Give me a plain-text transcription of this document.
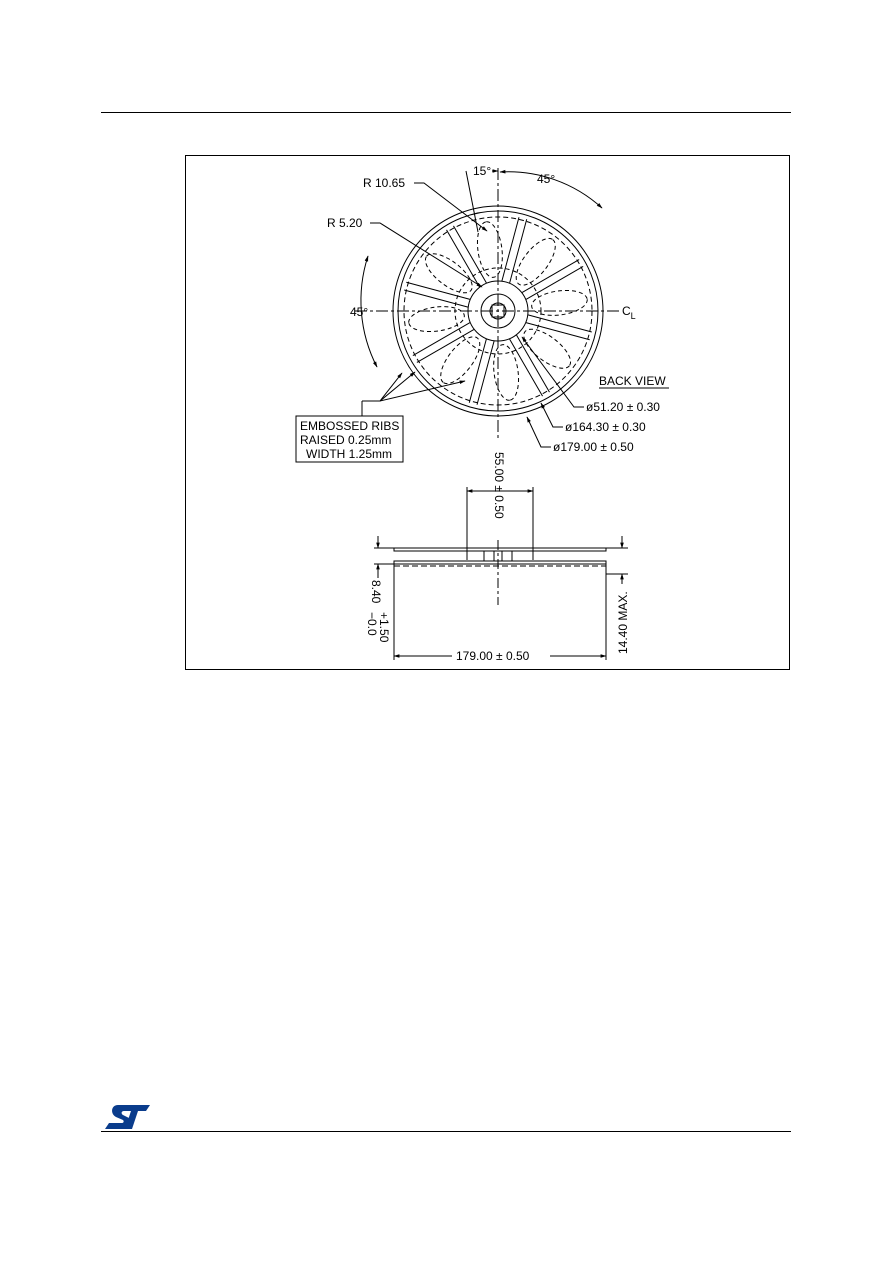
R 10.65
R 5.20
15°
45°
45°	$C_L$
BACK VIEW
ø51.20 ± 0.30
ø164.30 ± 0.30
ø179.00 ± 0.50
EMBOSSED RIBS
RAISED 0.25mm
WIDTH 1.25mm	55.00 ± 0.50
8.40
+1.50
−0.0	14.40 MAX.
179.00 ± 0.50
